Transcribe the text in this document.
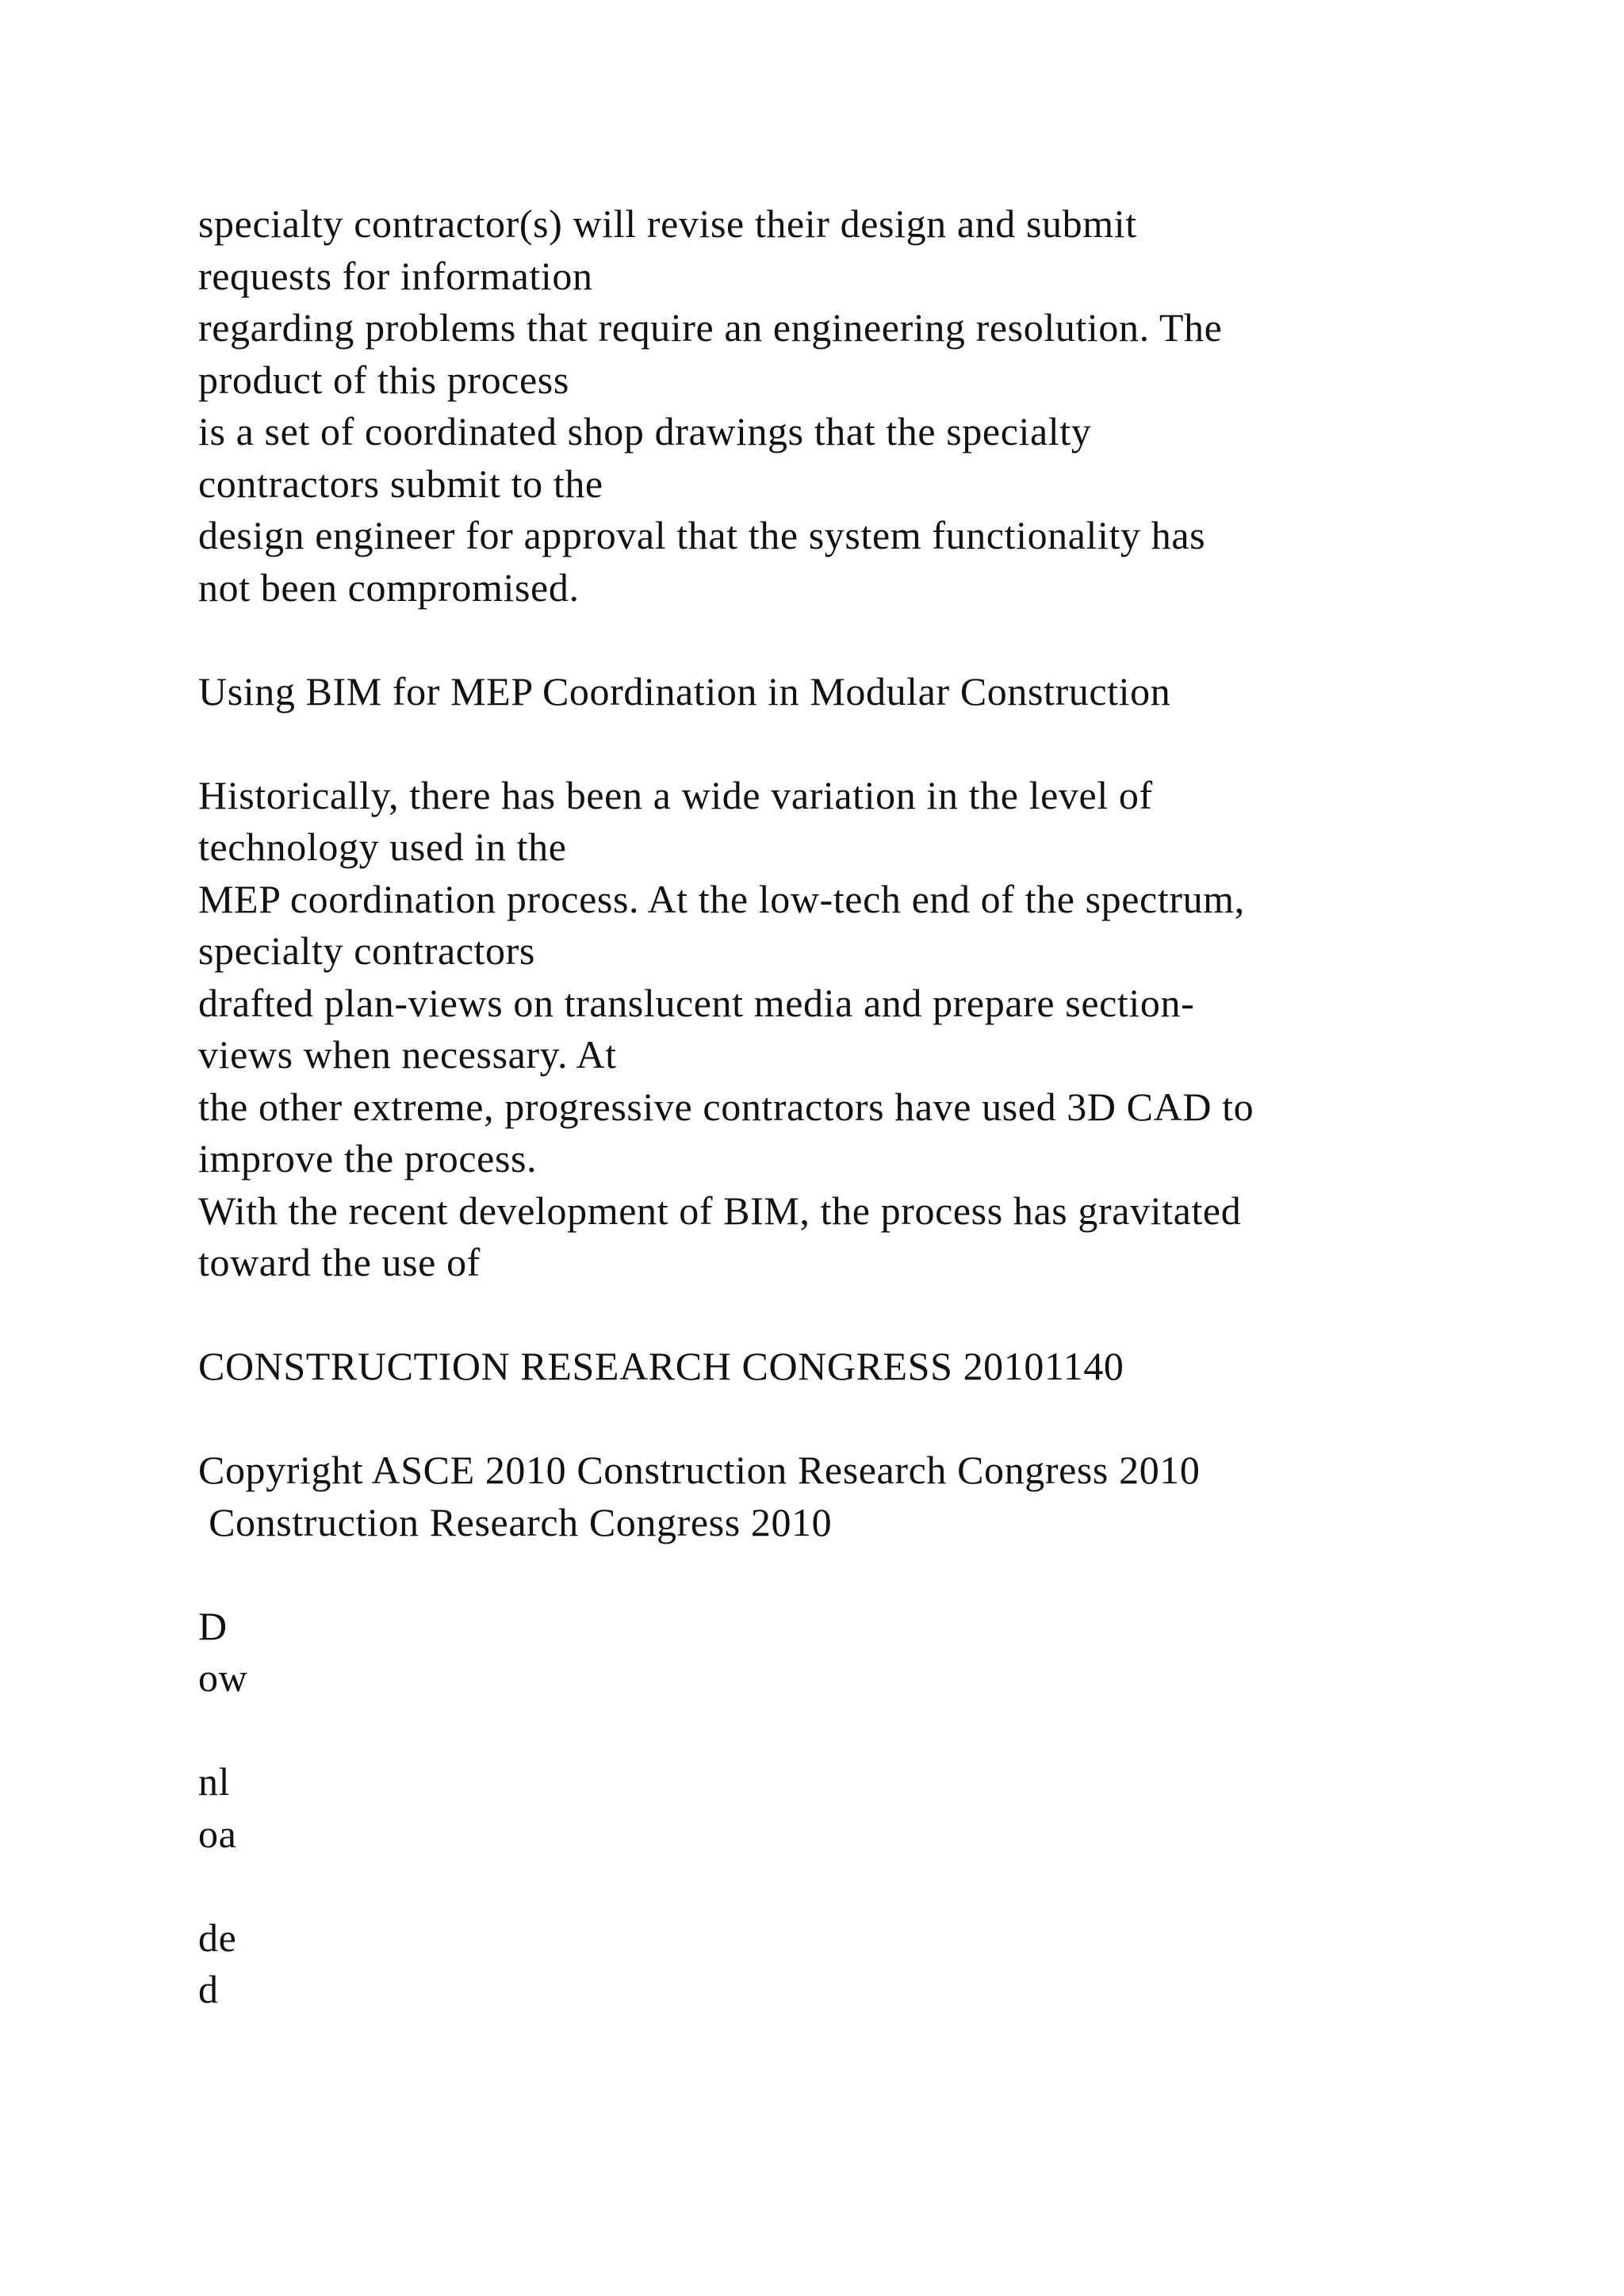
specialty contractor(s) will revise their design and submit
requests for information
regarding problems that require an engineering resolution. The
product of this process
is a set of coordinated shop drawings that the specialty
contractors submit to the
design engineer for approval that the system functionality has
not been compromised.
Using BIM for MEP Coordination in Modular Construction
Historically, there has been a wide variation in the level of
technology used in the
MEP coordination process. At the low-tech end of the spectrum,
specialty contractors
drafted plan-views on translucent media and prepare section-
views when necessary. At
the other extreme, progressive contractors have used 3D CAD to
improve the process.
With the recent development of BIM, the process has gravitated
toward the use of
CONSTRUCTION RESEARCH CONGRESS 20101140
Copyright ASCE 2010 Construction Research Congress 2010
Construction Research Congress 2010
D
ow
nl
oa
de
d
